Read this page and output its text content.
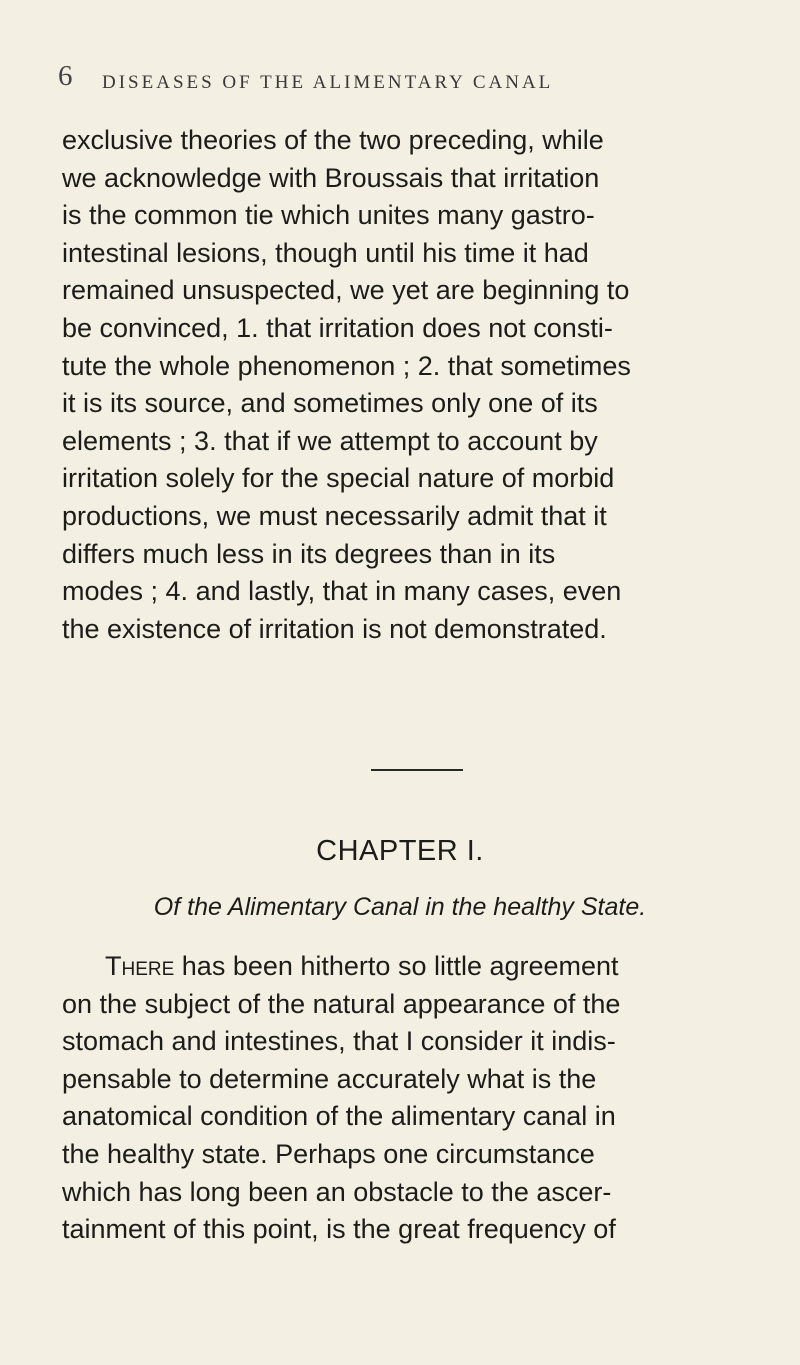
6 DISEASES OF THE ALIMENTARY CANAL
exclusive theories of the two preceding, while
we acknowledge with Broussais that irritation
is the common tie which unites many gastro-
intestinal lesions, though until his time it had
remained unsuspected, we yet are beginning to
be convinced, 1. that irritation does not consti-
tute the whole phenomenon ; 2. that sometimes
it is its source, and sometimes only one of its
elements ; 3. that if we attempt to account by
irritation solely for the special nature of morbid
productions, we must necessarily admit that it
differs much less in its degrees than in its
modes ; 4. and lastly, that in many cases, even
the existence of irritation is not demonstrated.
CHAPTER I.
Of the Alimentary Canal in the healthy State.
There has been hitherto so little agreement
on the subject of the natural appearance of the
stomach and intestines, that I consider it indis-
pensable to determine accurately what is the
anatomical condition of the alimentary canal in
the healthy state. Perhaps one circumstance
which has long been an obstacle to the ascer-
tainment of this point, is the great frequency of
